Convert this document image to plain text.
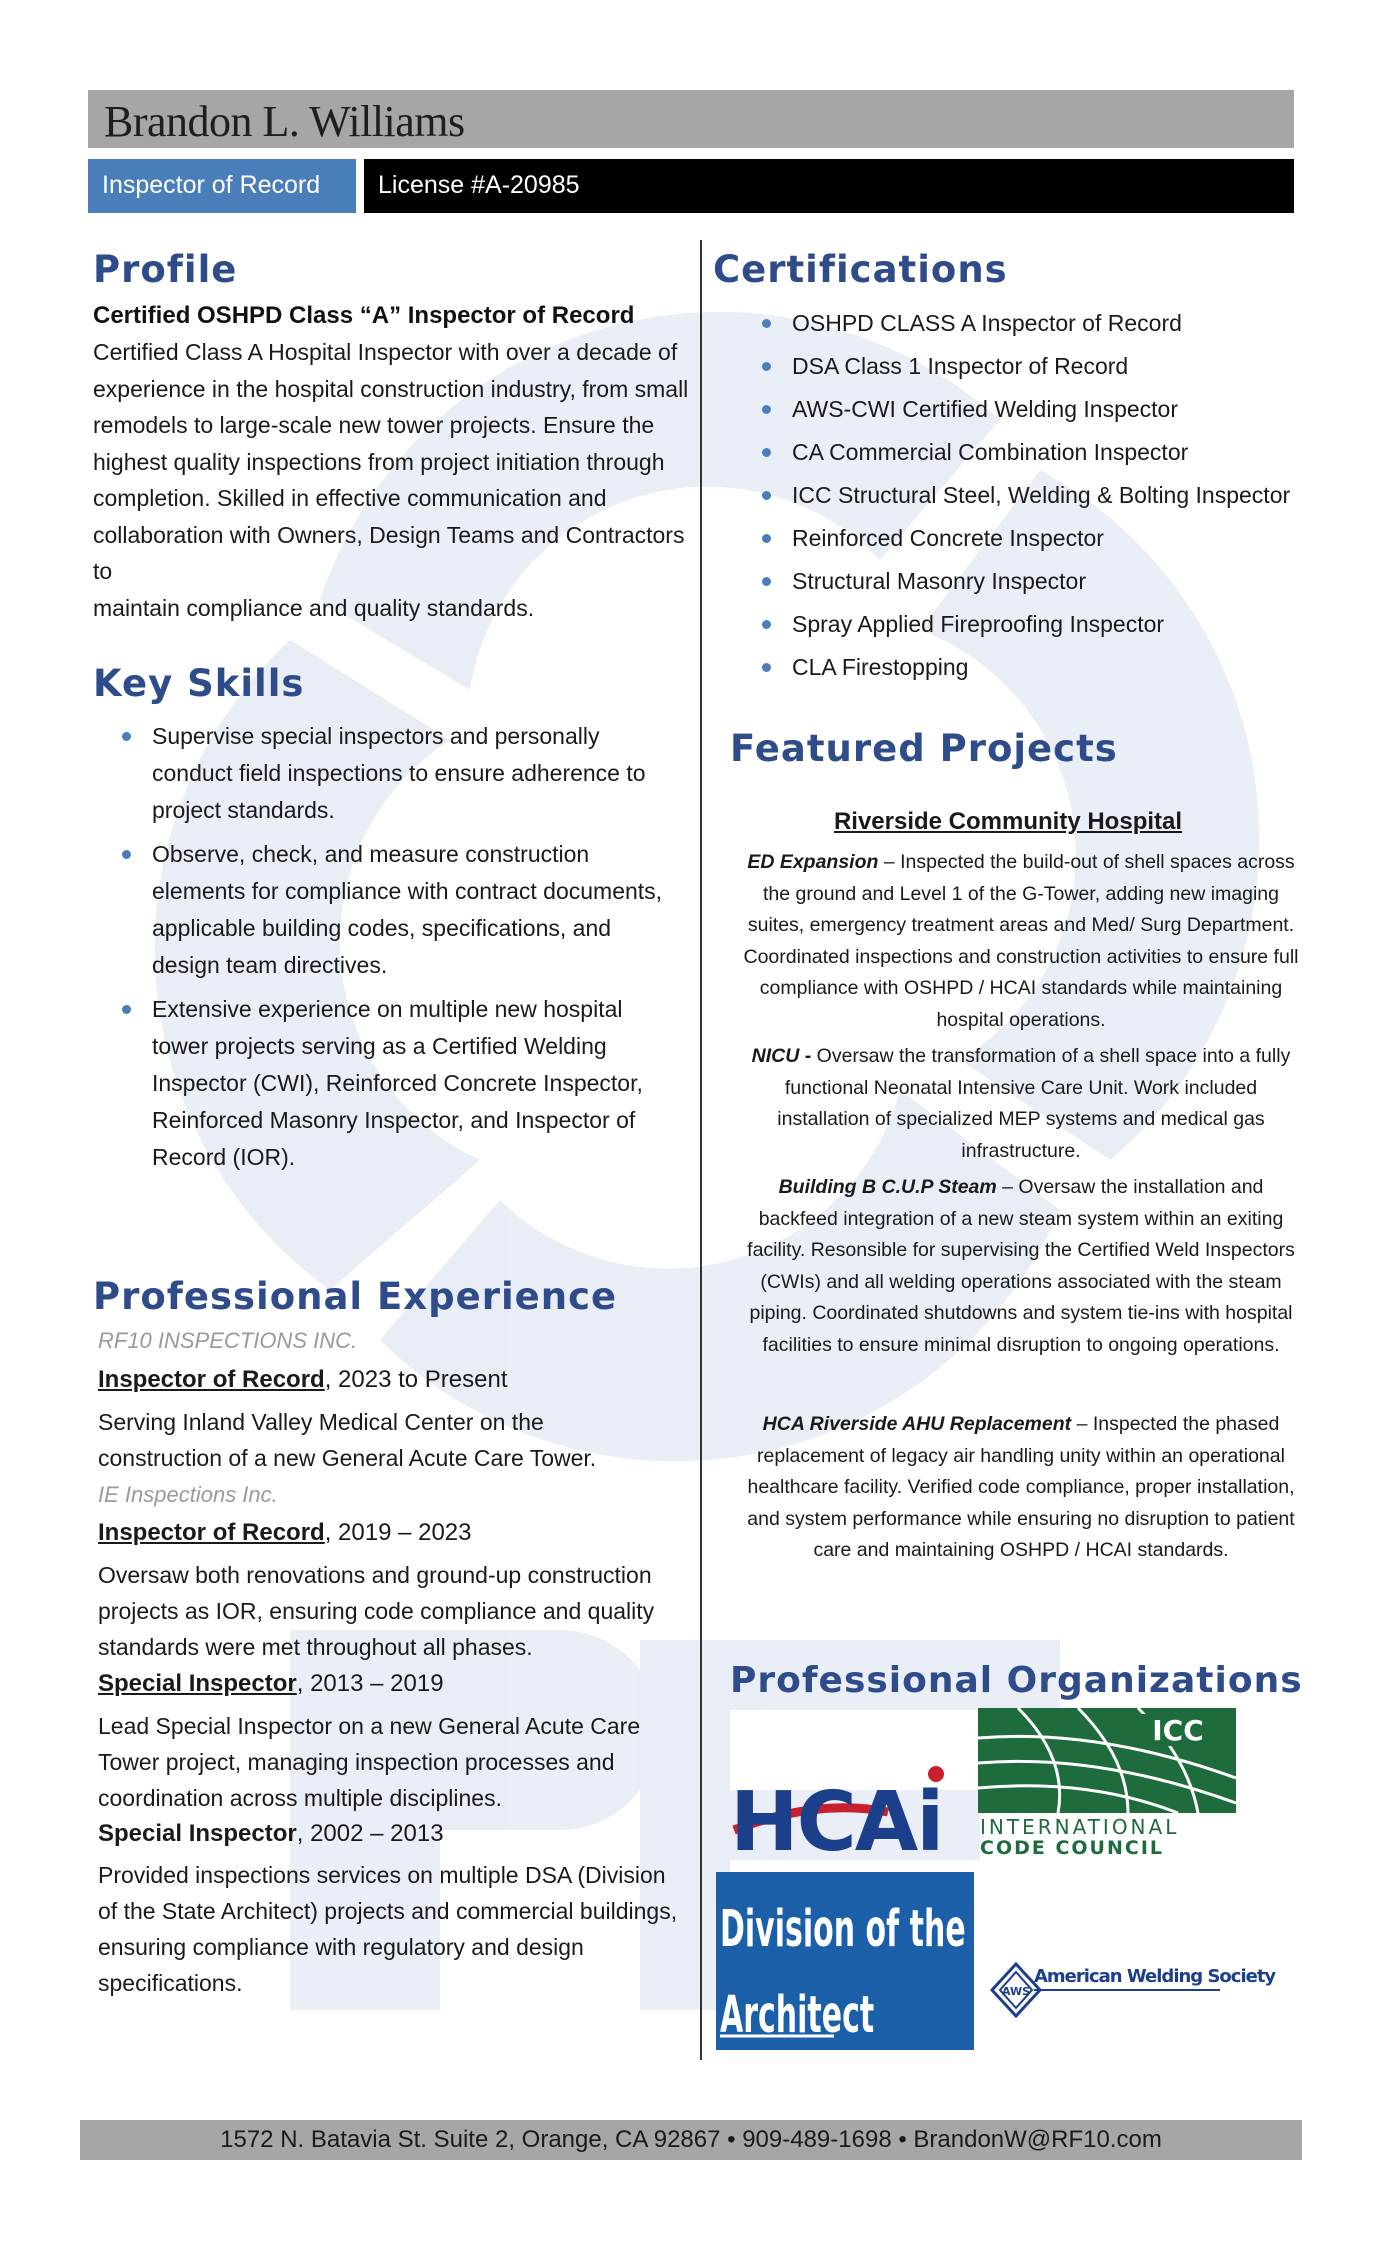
Brandon L. Williams
Inspector of Record License #A-20985
Profile
Certified OSHPD Class “A” Inspector of Record
Certified Class A Hospital Inspector with over a decade of
experience in the hospital construction industry, from small
remodels to large-scale new tower projects. Ensure the
highest quality inspections from project initiation through
completion. Skilled in effective communication and
collaboration with Owners, Design Teams and Contractors to
maintain compliance and quality standards.
Key Skills
Supervise special inspectors and personally conduct field inspections to ensure adherence to project standards.
Observe, check, and measure construction elements for compliance with contract documents, applicable building codes, specifications, and design team directives.
Extensive experience on multiple new hospital tower projects serving as a Certified Welding Inspector (CWI), Reinforced Concrete Inspector, Reinforced Masonry Inspector, and Inspector of Record (IOR).
Professional Experience
RF10 INSPECTIONS INC.
Inspector of Record, 2023 to Present
Serving Inland Valley Medical Center on the construction of a new General Acute Care Tower.
IE Inspections Inc.
Inspector of Record, 2019 – 2023
Oversaw both renovations and ground-up construction projects as IOR, ensuring code compliance and quality standards were met throughout all phases.
Special Inspector, 2013 – 2019
Lead Special Inspector on a new General Acute Care Tower project, managing inspection processes and coordination across multiple disciplines.
Special Inspector, 2002 – 2013
Provided inspections services on multiple DSA (Division of the State Architect) projects and commercial buildings, ensuring compliance with regulatory and design specifications.
Certifications
OSHPD CLASS A Inspector of Record
DSA Class 1 Inspector of Record
AWS-CWI Certified Welding Inspector
CA Commercial Combination Inspector
ICC Structural Steel, Welding & Bolting Inspector
Reinforced Concrete Inspector
Structural Masonry Inspector
Spray Applied Fireproofing Inspector
CLA Firestopping
Featured Projects
Riverside Community Hospital
ED Expansion – Inspected the build-out of shell spaces across the ground and Level 1 of the G-Tower, adding new imaging suites, emergency treatment areas and Med/ Surg Department. Coordinated inspections and construction activities to ensure full compliance with OSHPD / HCAI standards while maintaining hospital operations.
NICU - Oversaw the transformation of a shell space into a fully functional Neonatal Intensive Care Unit. Work included installation of specialized MEP systems and medical gas infrastructure.
Building B C.U.P Steam – Oversaw the installation and backfeed integration of a new steam system within an exiting facility. Resonsible for supervising the Certified Weld Inspectors (CWIs) and all welding operations associated with the steam piping. Coordinated shutdowns and system tie-ins with hospital facilities to ensure minimal disruption to ongoing operations.
HCA Riverside AHU Replacement – Inspected the phased replacement of legacy air handling unity within an operational healthcare facility. Verified code compliance, proper installation, and system performance while ensuring no disruption to patient care and maintaining OSHPD / HCAI standards.
Professional Organizations
HCAi
ICC
INTERNATIONAL
CODE COUNCIL
Division of the State
Architect	AWS
American Welding Society
1572 N. Batavia St. Suite 2, Orange, CA 92867 • 909-489-1698 • BrandonW@RF10.com
